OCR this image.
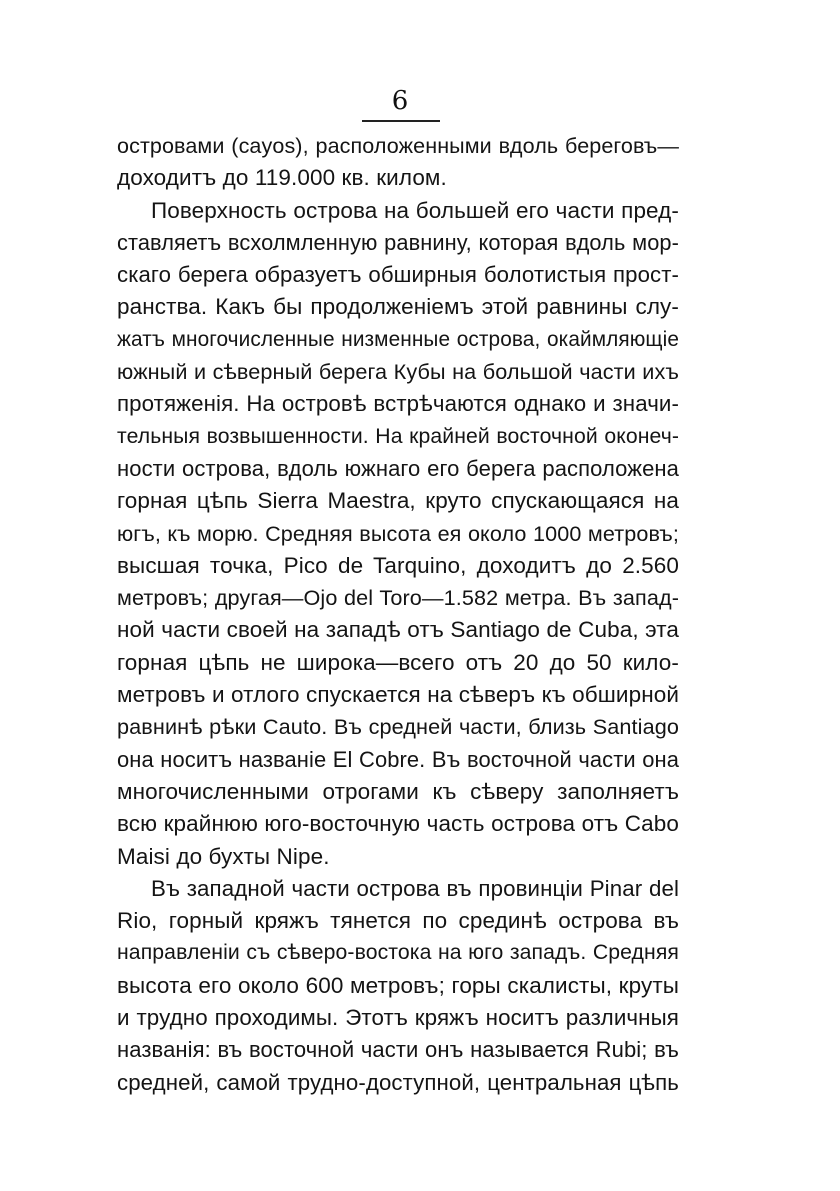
6
островами (cayos), расположенными вдоль береговъ—
доходитъ до 119.000 кв. килом.
Поверхность острова на большей его части пред-
ставляетъ всхолмленную равнину, которая вдоль мор-
скаго берега образуетъ обширныя болотистыя прост-
ранства. Какъ бы продолженіемъ этой равнины слу-
жатъ многочисленные низменные острова, окаймляющіе
южный и сѣверный берега Кубы на большой части ихъ
протяженія. На островѣ встрѣчаются однако и значи-
тельныя возвышенности. На крайней восточной оконеч-
ности острова, вдоль южнаго его берега расположена
горная цѣпь Sierra Maestra, круто спускающаяся на
югъ, къ морю. Средняя высота ея около 1000 метровъ;
высшая точка, Pico de Tarquino, доходитъ до 2.560
метровъ; другая—Ojo del Toro—1.582 метра. Въ запад-
ной части своей на западѣ отъ Santiago de Cuba, эта
горная цѣпь не широка—всего отъ 20 до 50 кило-
метровъ и отлого спускается на сѣверъ къ обширной
равнинѣ рѣки Cauto. Въ средней части, близь Santiago
она носитъ названіе El Cobre. Въ восточной части она
многочисленными отрогами къ сѣверу заполняетъ
всю крайнюю юго-восточную часть острова отъ Cabo
Maisi до бухты Nipe.
Въ западной части острова въ провинціи Pinar del
Rio, горный кряжъ тянется по срединѣ острова въ
направленіи съ сѣверо-востока на юго западъ. Средняя
высота его около 600 метровъ; горы скалисты, круты
и трудно проходимы. Этотъ кряжъ носитъ различныя
названія: въ восточной части онъ называется Rubi; въ
средней, самой трудно-доступной, центральная цѣпь
